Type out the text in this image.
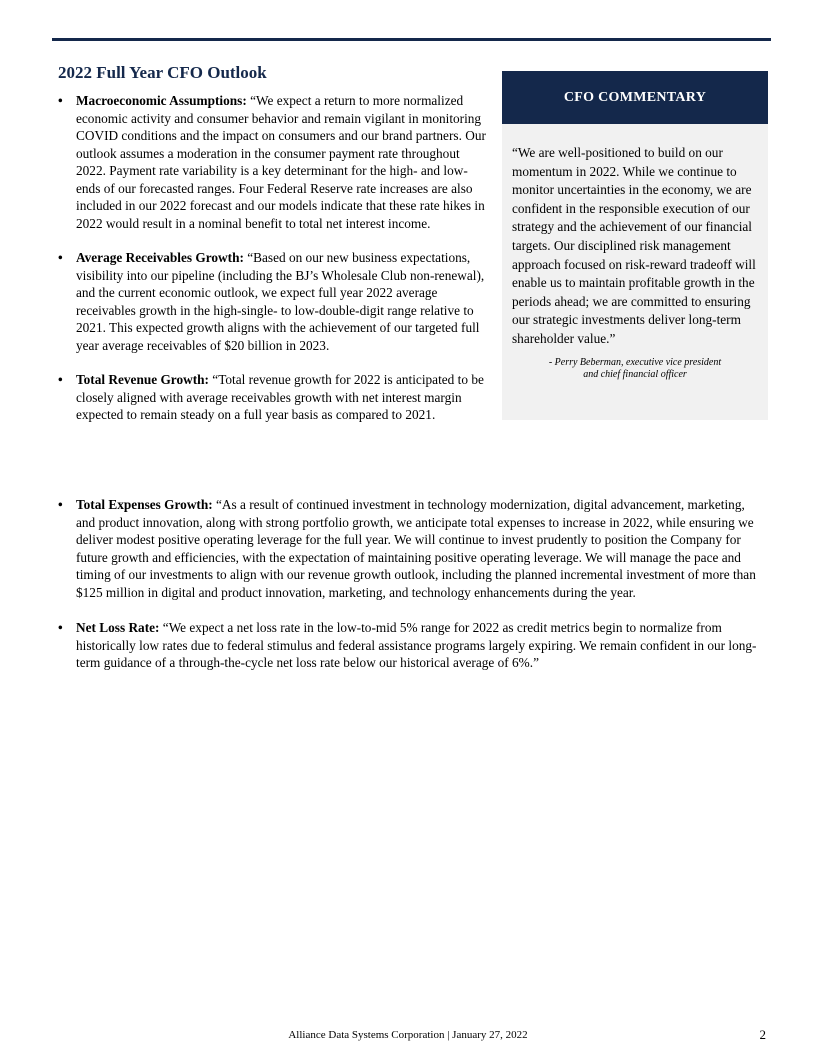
2022 Full Year CFO Outlook
• Macroeconomic Assumptions: “We expect a return to more normalized economic activity and consumer behavior and remain vigilant in monitoring COVID conditions and the impact on consumers and our brand partners. Our outlook assumes a moderation in the consumer payment rate throughout 2022. Payment rate variability is a key determinant for the high- and low-ends of our forecasted ranges. Four Federal Reserve rate increases are also included in our 2022 forecast and our models indicate that these rate hikes in 2022 would result in a nominal benefit to total net interest income.
• Average Receivables Growth: “Based on our new business expectations, visibility into our pipeline (including the BJ’s Wholesale Club non-renewal), and the current economic outlook, we expect full year 2022 average receivables growth in the high-single- to low-double-digit range relative to 2021. This expected growth aligns with the achievement of our targeted full year average receivables of $20 billion in 2023.
• Total Revenue Growth: “Total revenue growth for 2022 is anticipated to be closely aligned with average receivables growth with net interest margin expected to remain steady on a full year basis as compared to 2021.
CFO COMMENTARY
“We are well-positioned to build on our momentum in 2022. While we continue to monitor uncertainties in the economy, we are confident in the responsible execution of our strategy and the achievement of our financial targets. Our disciplined risk management approach focused on risk-reward tradeoff will enable us to maintain profitable growth in the periods ahead; we are committed to ensuring our strategic investments deliver long-term shareholder value.”
- Perry Beberman, executive vice president
and chief financial officer
• Total Expenses Growth: “As a result of continued investment in technology modernization, digital advancement, marketing, and product innovation, along with strong portfolio growth, we anticipate total expenses to increase in 2022, while ensuring we deliver modest positive operating leverage for the full year. We will continue to invest prudently to position the Company for future growth and efficiencies, with the expectation of maintaining positive operating leverage. We will manage the pace and timing of our investments to align with our revenue growth outlook, including the planned incremental investment of more than $125 million in digital and product innovation, marketing, and technology enhancements during the year.
• Net Loss Rate: “We expect a net loss rate in the low-to-mid 5% range for 2022 as credit metrics begin to normalize from historically low rates due to federal stimulus and federal assistance programs largely expiring. We remain confident in our long-term guidance of a through-the-cycle net loss rate below our historical average of 6%.”
Alliance Data Systems Corporation | January 27, 2022	2
